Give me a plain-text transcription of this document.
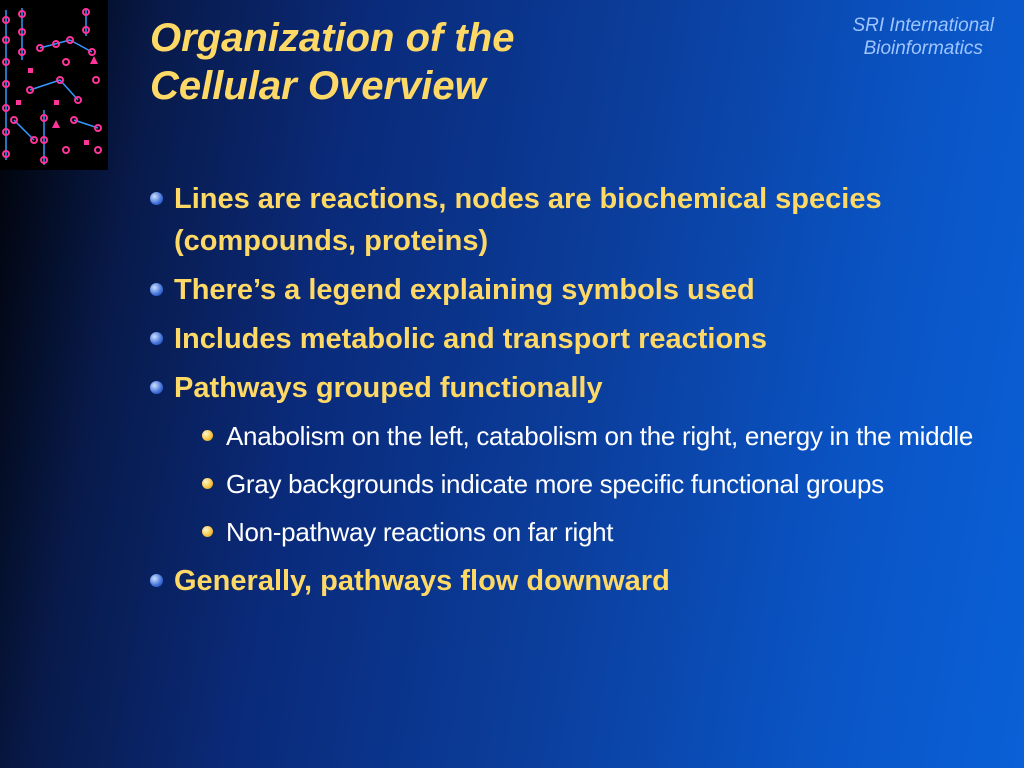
Organization of the
Cellular Overview
SRI International
Bioinformatics
Lines are reactions, nodes are biochemical species (compounds, proteins)
There’s a legend explaining symbols used
Includes metabolic and transport reactions
Pathways grouped functionally
Anabolism on the left, catabolism on the right, energy in the middle
Gray backgrounds indicate more specific functional groups
Non-pathway reactions on far right
Generally, pathways flow downward
